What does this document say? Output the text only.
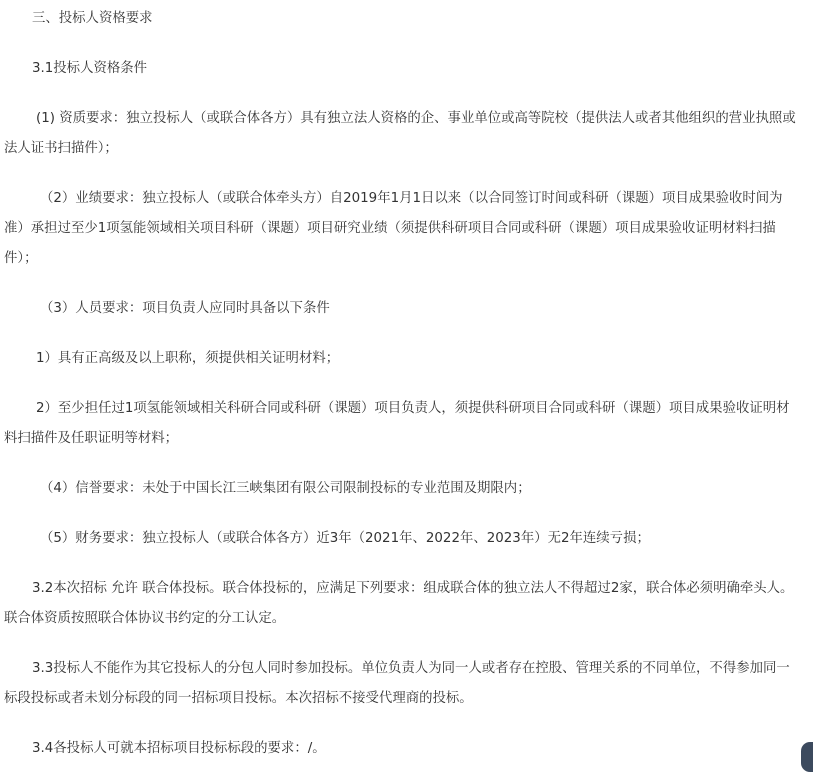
三、投标人资格要求

3.1投标人资格条件

(1) 资质要求：独立投标人（或联合体各方）具有独立法人资格的企、事业单位或高等院校（提供法人或者其他组织的营业执照或法人证书扫描件）；

（2）业绩要求：独立投标人（或联合体牵头方）自2019年1月1日以来（以合同签订时间或科研（课题）项目成果验收时间为准）承担过至少1项氢能领域相关项目科研（课题）项目研究业绩（须提供科研项目合同或科研（课题）项目成果验收证明材料扫描件）；

（3）人员要求：项目负责人应同时具备以下条件

1）具有正高级及以上职称，须提供相关证明材料；

2）至少担任过1项氢能领域相关科研合同或科研（课题）项目负责人，须提供科研项目合同或科研（课题）项目成果验收证明材料扫描件及任职证明等材料；

（4）信誉要求：未处于中国长江三峡集团有限公司限制投标的专业范围及期限内；

（5）财务要求：独立投标人（或联合体各方）近3年（2021年、2022年、2023年）无2年连续亏损；

3.2本次招标 允许 联合体投标。联合体投标的，应满足下列要求：组成联合体的独立法人不得超过2家，联合体必须明确牵头人。联合体资质按照联合体协议书约定的分工认定。

3.3投标人不能作为其它投标人的分包人同时参加投标。单位负责人为同一人或者存在控股、管理关系的不同单位，不得参加同一标段投标或者未划分标段的同一招标项目投标。本次招标不接受代理商的投标。

3.4各投标人可就本招标项目投标标段的要求：/。
